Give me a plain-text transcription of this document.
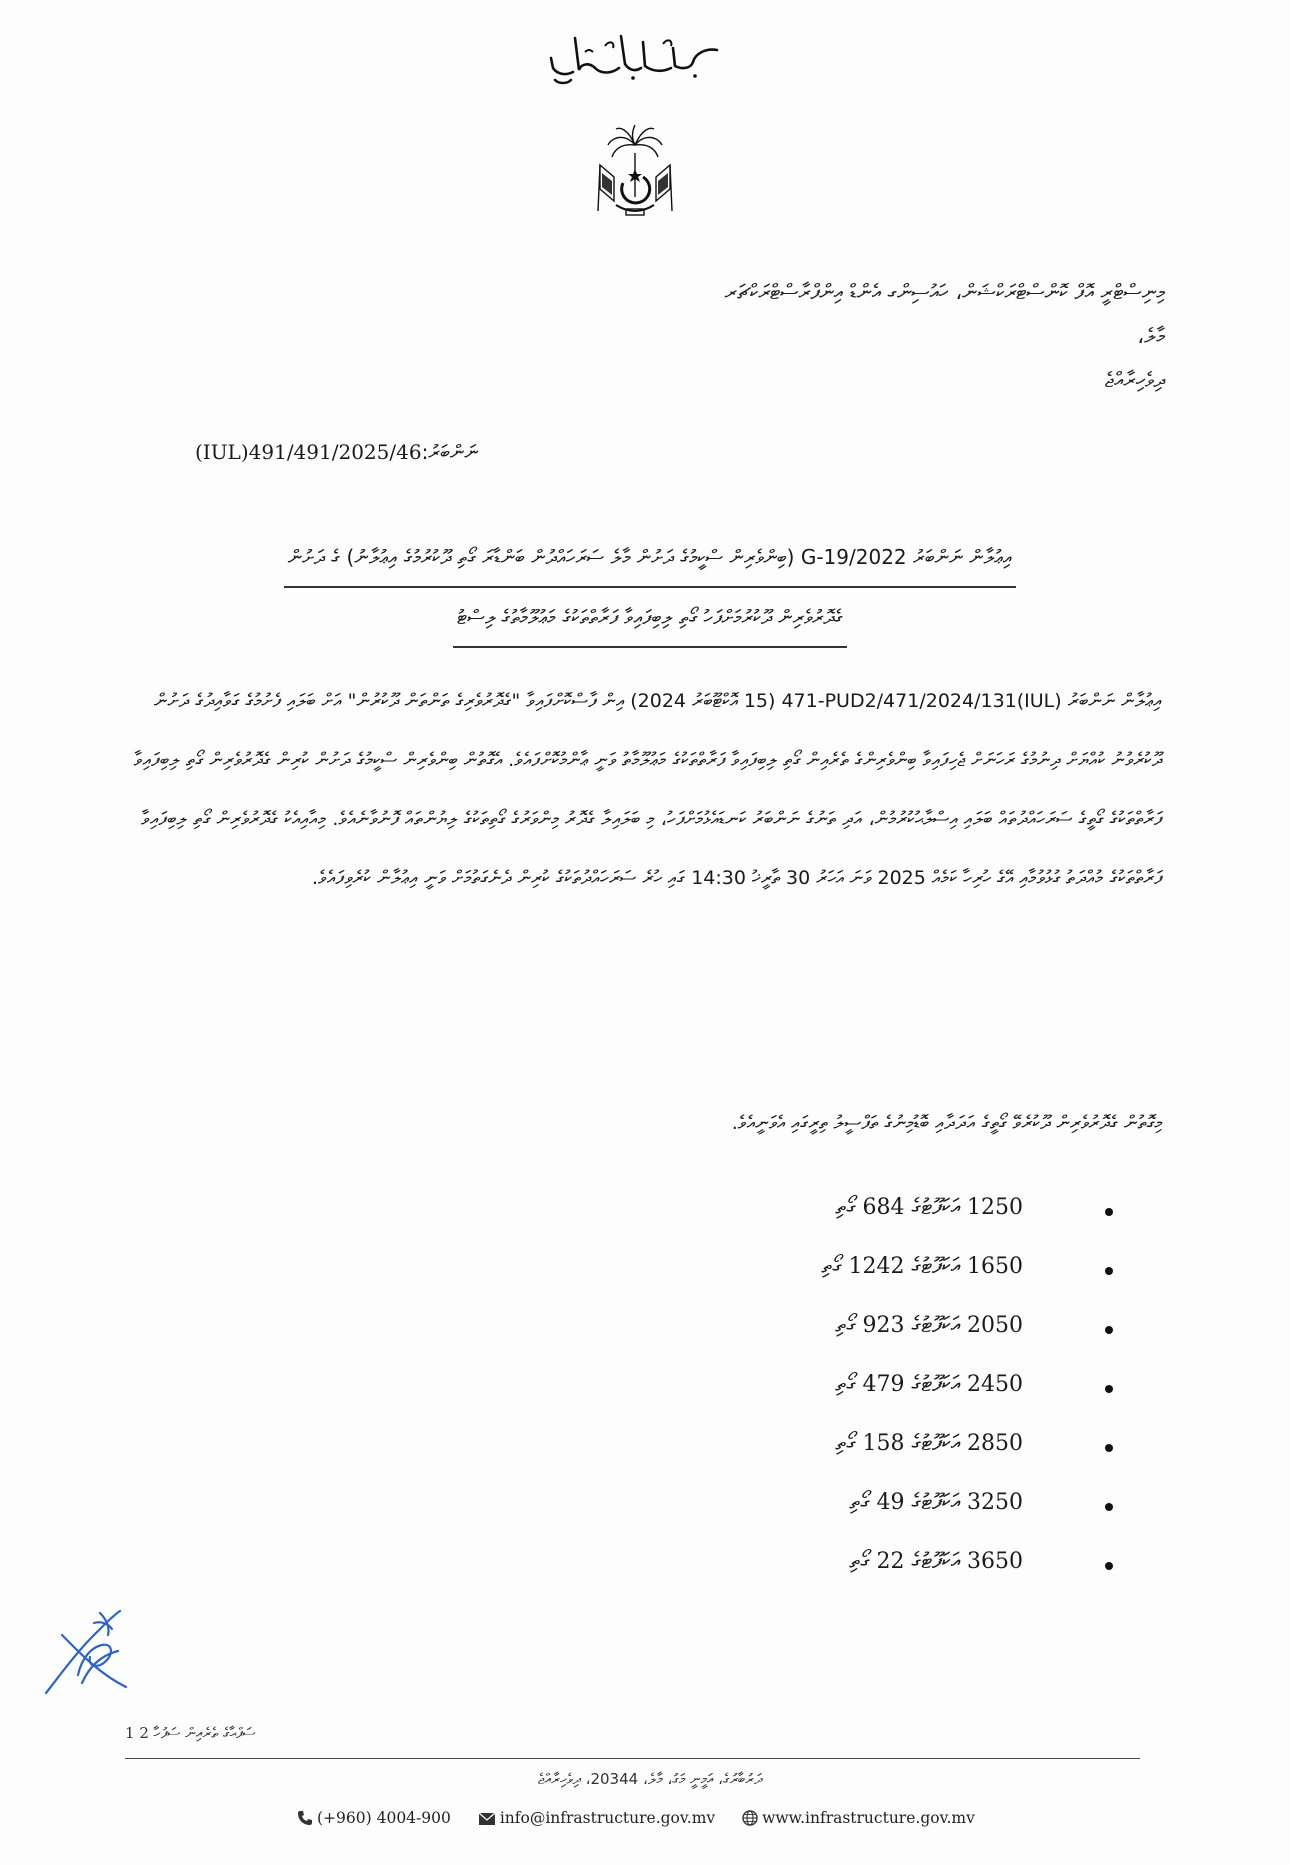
މިނިސްޓްރީ އޮފް ކޮންސްޓްރަކްޝަން، ހައުސިންގ އެންޑް އިންފްރާސްޓްރަކްޗަރ
މާލެ،
ދިވެހިރާއްޖެ
(IUL)491/491/2025/46ނަންބަރު:
އިޢުލާން ނަންބަރު 2022/G-19 (ބިންވެރިން ސްކީމުގެ ދަށުން މާލެ ސަރަހައްދުން ބަންޑާރަ ގޯތި ދޫކުރުމުގެ އިޢުލާނު) ގެ ދަށުން
ގެދޮރުވެރިން ދޫކުރުމަށްފަހު ގޯތި ލިބިފައިވާ ފަރާތްތަކުގެ މަޢުލޫމާތުގެ ލިސްޓު

އިޢުލާން ނަންބަރު (IUL)471-PUD2/471/2024/131 (15 އޮކްޓޫބަރު 2024) އިން ފާސްކޮށްފައިވާ "ގެދޮރުވެރިގެ ތަންތަން ދޫކުރުން" އަށް ބަލައި ފެށުމުގެ ގަވާއިދުގެ ދަށުން ދޫކުރެވުނު ކުއްޔަށް ދިނުމުގެ ރަހަނަށް ޖެހިފައިވާ ބިންވެރިންގެ ތެރެއިން ގޯތި ލިބިފައިވާ ފަރާތްތަކުގެ މަޢުލޫމާތު ވަނީ ޢާންމުކޮށްފައެވެ. އެގޮތުން ބިންވެރިން ސްކީމުގެ ދަށުން ކުރިން ގެދޮރުވެރިން ގޯތި ލިބިފައިވާ ފަރާތްތަކުގެ ގޯތީގެ ސަރަހައްދުތައް ބަލައި އިސްލާޙުކުރުމުން، އަދި ތަނުގެ ނަންބަރު ކަނޑައެޅުމަށްފަހު، މި ބަލައިލާ ގެދޮރު މިންވަރުގެ ގޯތިތަކުގެ ލިޔުންތައް ފޮނުވާނެއެވެ. މިއާއިއެކު ގެދޮރުވެރިން ގޯތި ލިބިފައިވާ ފަރާތްތަކުގެ މުއްދަތު ގުޅުވުމާއި އޭގެ ހުރިހާ ކަމެއް 2025 ވަނަ އަހަރު 30 ތާރީޚު 14:30 ގައި ހުރެ ސަރަހައްދުތަކުގެ ކުރިން ދެނެގަތުމަށް ވަނީ އިޢުލާން ކުރެވިފައެވެ.

މިގޮތުން ގެދޮރުވެރިން ދޫކުރެވޭ ގޯތީގެ އަދަދާއި ބޮޑުމިނުގެ ތަފްސީލު ތިރީގައި އެވަނީއެވެ.
1250 އަކަފޫޓުގެ 684 ގޯތި
1650 އަކަފޫޓުގެ 1242 ގޯތި
2050 އަކަފޫޓުގެ 923 ގޯތި
2450 އަކަފޫޓުގެ 479 ގޯތި
2850 އަކަފޫޓުގެ 158 ގޯތި
3250 އަކަފޫޓުގެ 49 ގޯތި
3650 އަކަފޫޓުގެ 22 ގޯތި
1 ސަފްޙާގެ ތެރެއިން ސަފުހާ 2
ދަރުބާރުގެ، އަމީނީ މަގު، މާލެ، 20344، ދިވެހިރާއްޖެ
(+960) 4004-900	info@infrastructure.gov.mv	www.infrastructure.gov.mv
